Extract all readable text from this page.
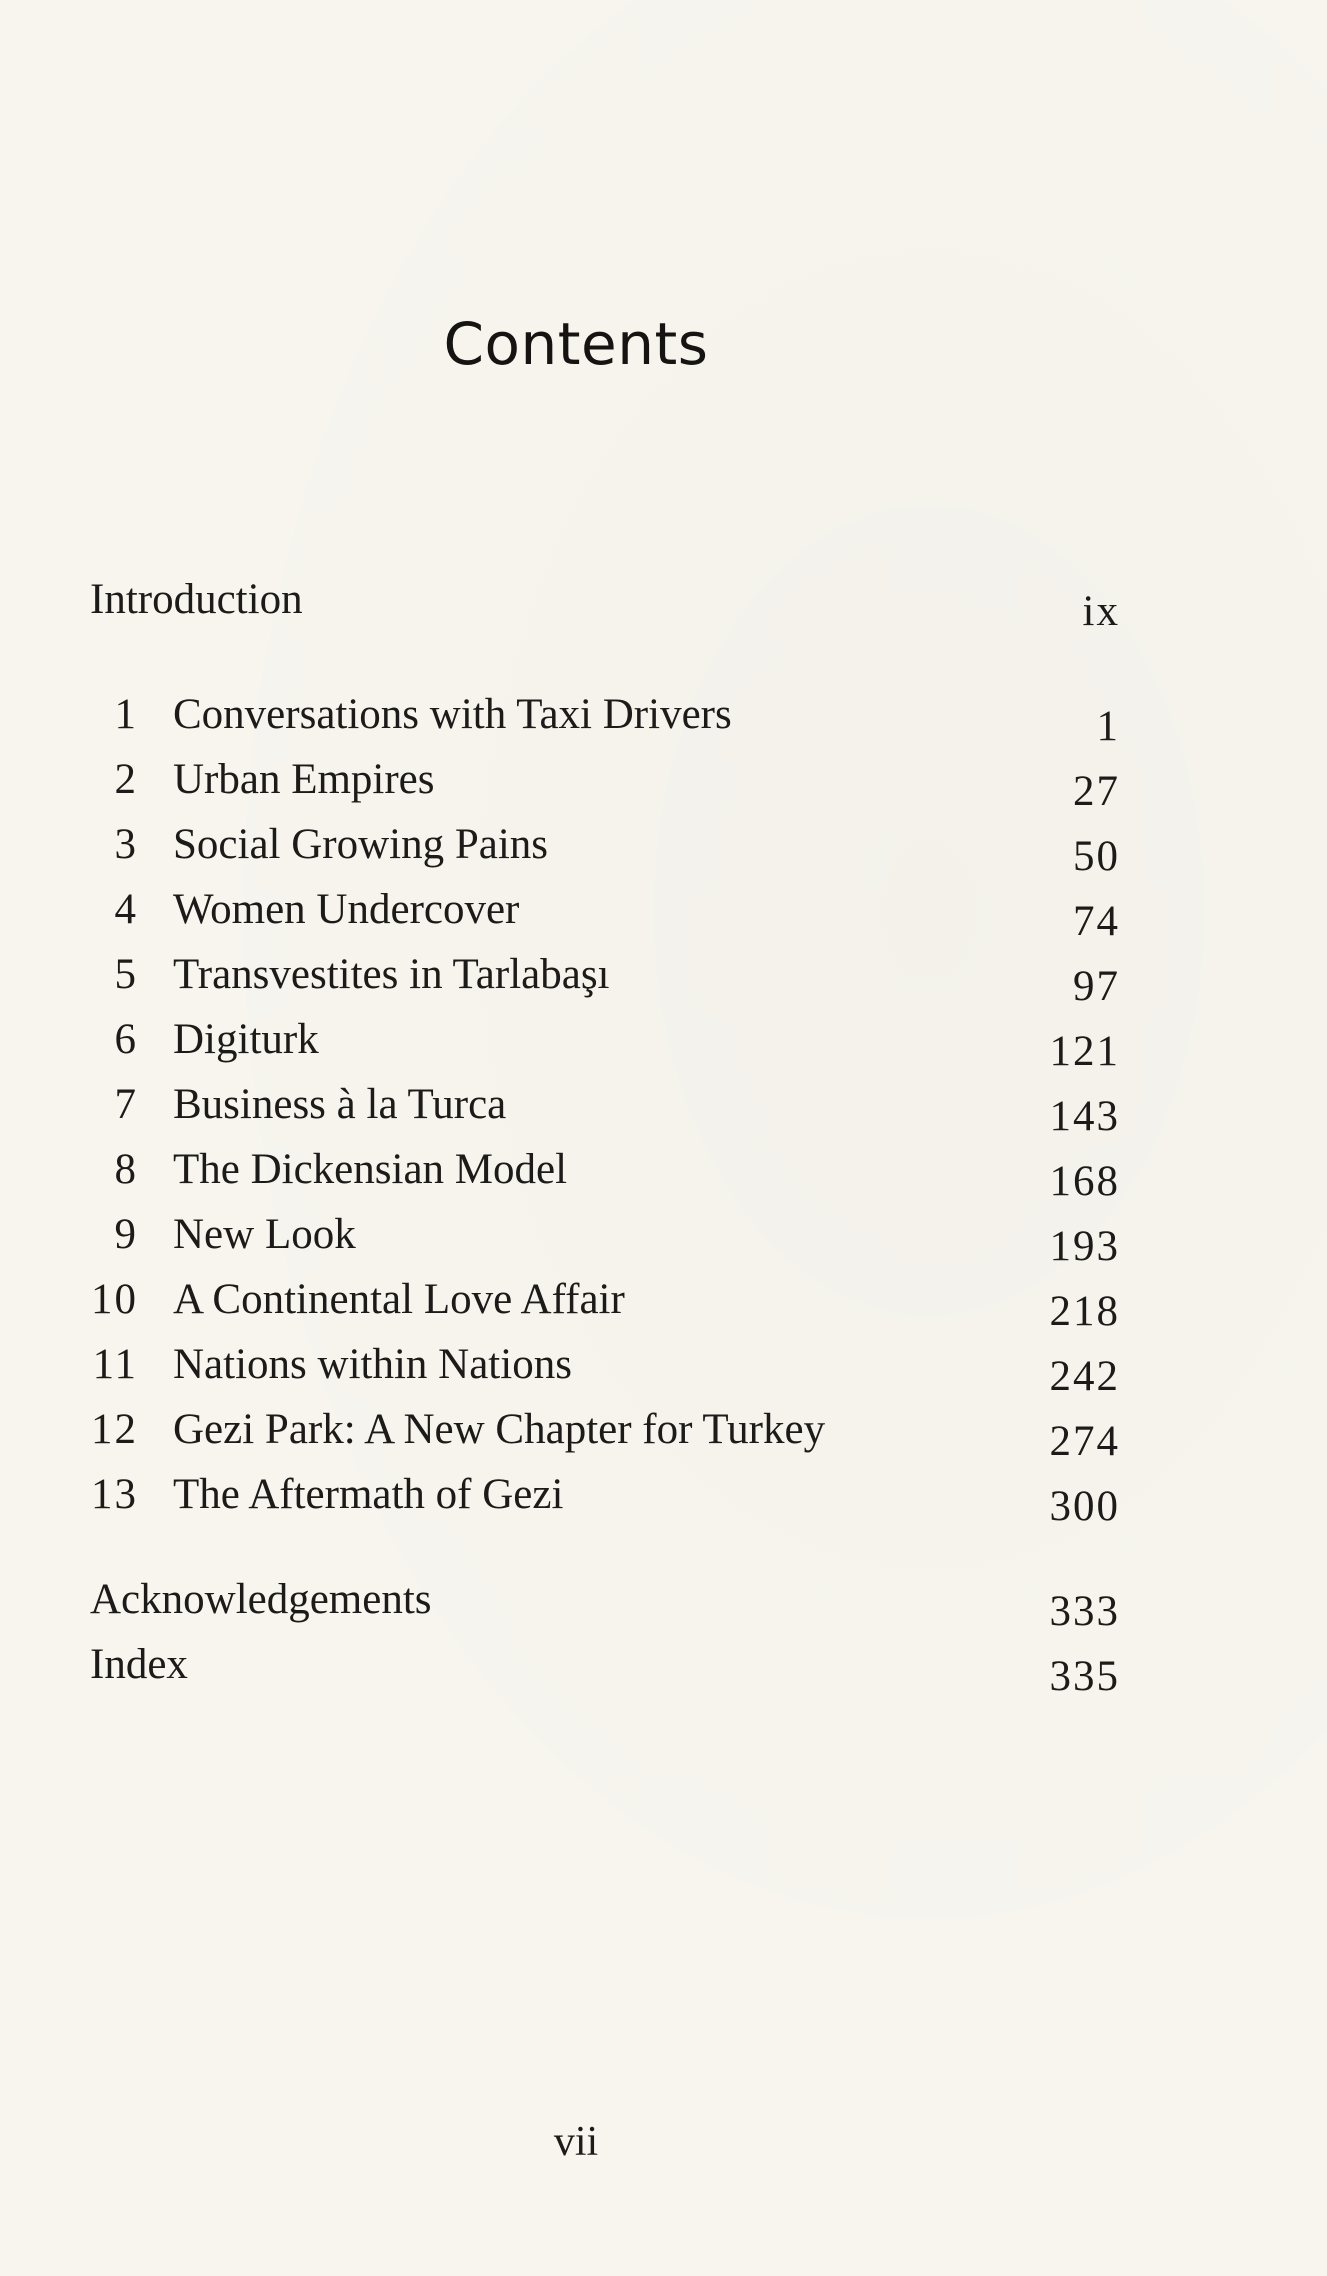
Contents
Introduction	ix
1 Conversations with Taxi Drivers	1
2 Urban Empires	27
3 Social Growing Pains	50
4 Women Undercover	74
5 Transvestites in Tarlabaşı	97
6 Digiturk	121
7 Business à la Turca	143
8 The Dickensian Model	168
9 New Look	193
10 A Continental Love Affair	218
11 Nations within Nations	242
12 Gezi Park: A New Chapter for Turkey	274
13 The Aftermath of Gezi	300
Acknowledgements	333
Index	335
vii
